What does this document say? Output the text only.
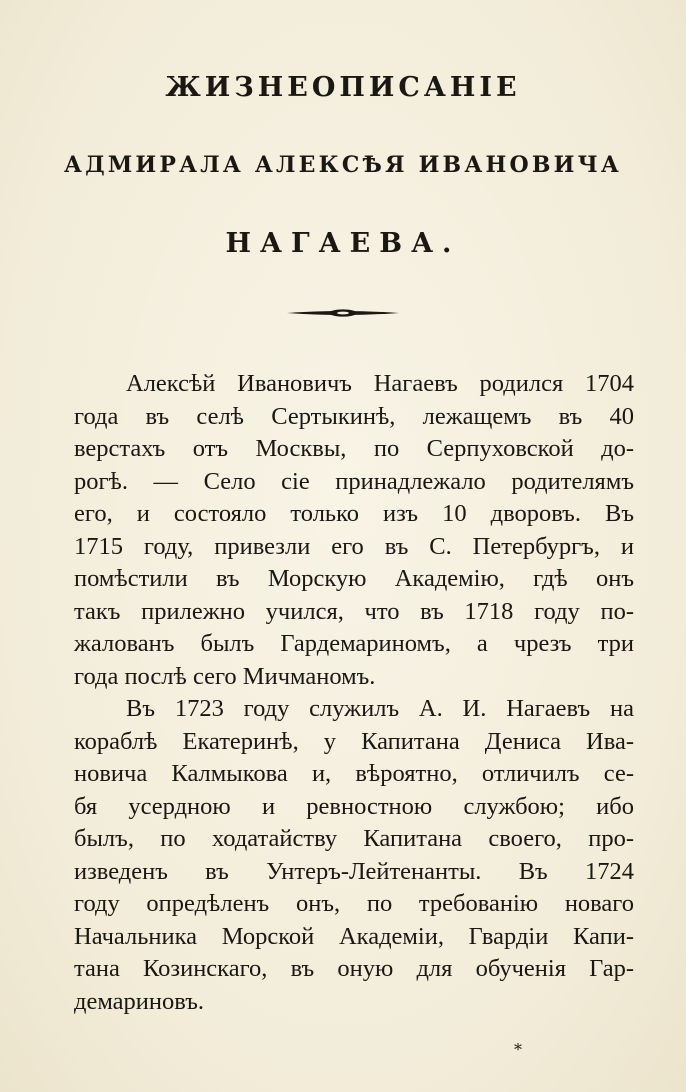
ЖИЗНЕОПИСАНІЕ
АДМИРАЛА АЛЕКСѢЯ ИВАНОВИЧА
НАГАЕВА.
Алексѣй Ивановичъ Нагаевъ родился 1704
года въ селѣ Сертыкинѣ, лежащемъ въ 40
верстахъ отъ Москвы, по Серпуховской до-
рогѣ. — Село сіе принадлежало родителямъ
его, и состояло только изъ 10 дворовъ. Въ
1715 году, привезли его въ С. Петербургъ, и
помѣстили въ Морскую Академію, гдѣ онъ
такъ прилежно учился, что въ 1718 году по-
жалованъ былъ Гардемариномъ, а чрезъ три
года послѣ сего Мичманомъ.
Въ 1723 году служилъ А. И. Нагаевъ на
кораблѣ Екатеринѣ, у Капитана Дениса Ива-
новича Калмыкова и, вѣроятно, отличилъ се-
бя усердною и ревностною службою; ибо
былъ, по ходатайству Капитана своего, про-
изведенъ въ Унтеръ-Лейтенанты. Въ 1724
году опредѣленъ онъ, по требованію новаго
Начальника Морской Академіи, Гвардіи Капи-
тана Козинскаго, въ оную для обученія Гар-
демариновъ.
*
